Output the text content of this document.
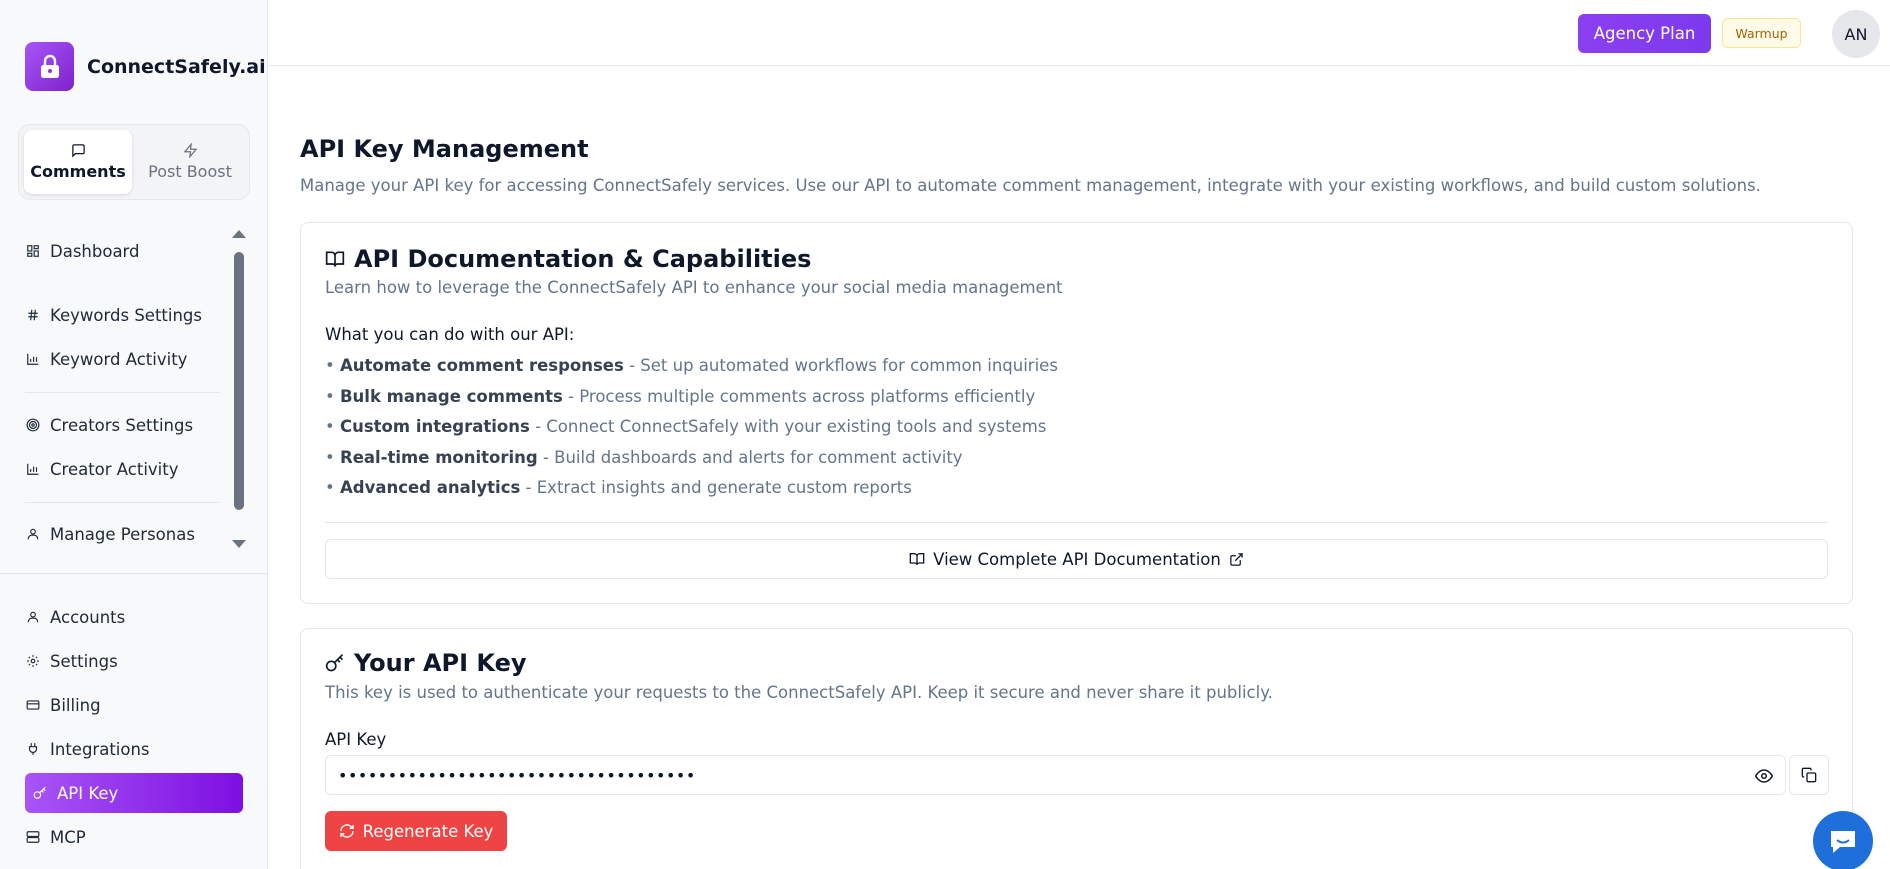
ConnectSafely.ai
Comments Post Boost
Dashboard
Keywords Settings
Keyword Activity
Creators Settings
Creator Activity
Manage Personas
Accounts
Settings
Billing
Integrations
API Key
MCP
Agency Plan	Warmup	AN
API Key Management

Manage your API key for accessing ConnectSafely services. Use our API to automate comment management, integrate with your existing workflows, and build custom solutions.

API Documentation & Capabilities

Learn how to leverage the ConnectSafely API to enhance your social media management

What you can do with our API:

• Automate comment responses - Set up automated workflows for common inquiries
• Bulk manage comments - Process multiple comments across platforms efficiently
• Custom integrations - Connect ConnectSafely with your existing tools and systems
• Real-time monitoring - Build dashboards and alerts for comment activity
• Advanced analytics - Extract insights and generate custom reports
View Complete API Documentation
Your API Key

This key is used to authenticate your requests to the ConnectSafely API. Keep it secure and never share it publicly.

API Key
••••••••••••••••••••••••••••••••••••
Regenerate Key
